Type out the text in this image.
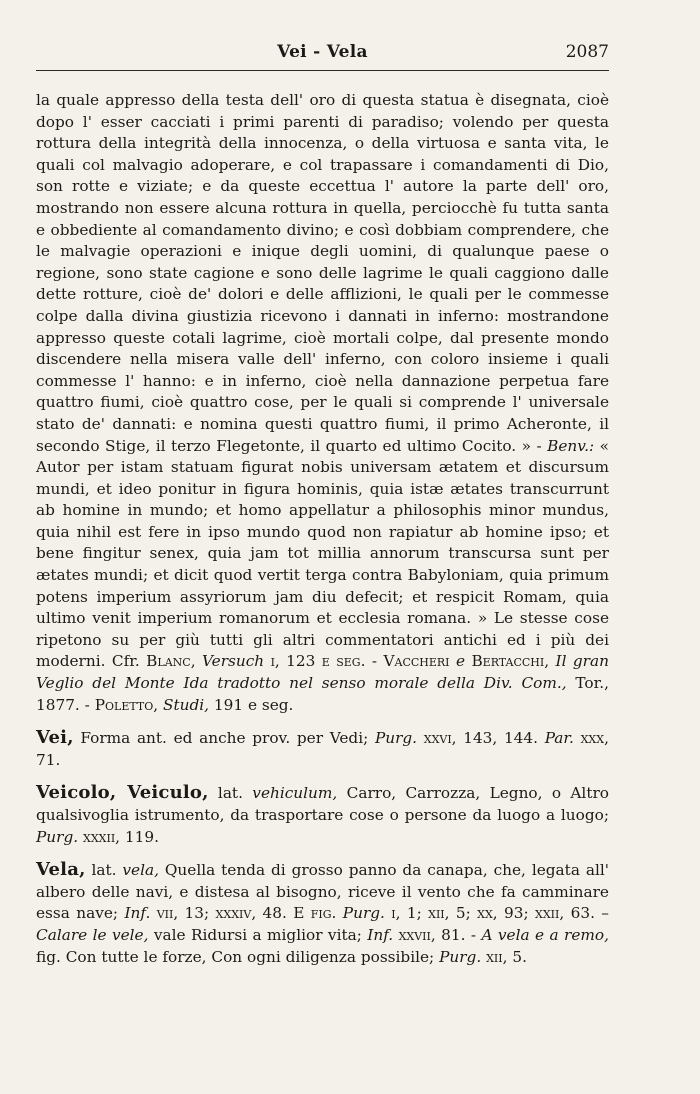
Vei - Vela	2087

la quale appresso della testa dell' oro di questa statua è disegnata, cioè dopo l' esser cacciati i primi parenti di paradiso; volendo per questa rottura della integrità della innocenza, o della virtuosa e santa vita, le quali col malvagio adoperare, e col trapassare i comandamenti di Dio, son rotte e viziate; e da queste eccettua l' autore la parte dell' oro, mostrando non essere alcuna rottura in quella, perciocchè fu tutta santa e obbediente al comandamento divino; e così dobbiam comprendere, che le malvagie operazioni e inique degli uomini, di qualunque paese o regione, sono state cagione e sono delle lagrime le quali caggiono dalle dette rotture, cioè de' dolori e delle afflizioni, le quali per le commesse colpe dalla divina giustizia ricevono i dannati in inferno: mostrandone appresso queste cotali lagrime, cioè mortali colpe, dal presente mondo discendere nella misera valle dell' inferno, con coloro insieme i quali commesse l' hanno: e in inferno, cioè nella dannazione perpetua fare quattro fiumi, cioè quattro cose, per le quali si comprende l' universale stato de' dannati: e nomina questi quattro fiumi, il primo Acheronte, il secondo Stige, il terzo Flegetonte, il quarto ed ultimo Cocito. » - Benv.: « Autor per istam statuam figurat nobis universam ætatem et discursum mundi, et ideo ponitur in figura hominis, quia istæ ætates transcurrunt ab homine in mundo; et homo appellatur a philosophis minor mundus, quia nihil est fere in ipso mundo quod non rapiatur ab homine ipso; et bene fingitur senex, quia jam tot millia annorum transcursa sunt per ætates mundi; et dicit quod vertit terga contra Babyloniam, quia primum potens imperium assyriorum jam diu defecit; et respicit Romam, quia ultimo venit imperium romanorum et ecclesia romana. » Le stesse cose ripetono su per giù tutti gli altri commentatori antichi ed i più dei moderni. Cfr. Blanc, Versuch i, 123 e seg. - Vaccheri e Bertacchi, Il gran Veglio del Monte Ida tradotto nel senso morale della Div. Com., Tor., 1877. - Poletto, Studi, 191 e seg.

Vei, Forma ant. ed anche prov. per Vedi; Purg. xxvi, 143, 144. Par. xxx, 71.

Veicolo, Veiculo, lat. vehiculum, Carro, Carrozza, Legno, o Altro qualsivoglia istrumento, da trasportare cose o persone da luogo a luogo; Purg. xxxii, 119.

Vela, lat. vela, Quella tenda di grosso panno da canapa, che, legata all' albero delle navi, e distesa al bisogno, riceve il vento che fa camminare essa nave; Inf. vii, 13; xxxiv, 48. E fig. Purg. i, 1; xii, 5; xx, 93; xxii, 63. – Calare le vele, vale Ridursi a miglior vita; Inf. xxvii, 81. - A vela e a remo, fig. Con tutte le forze, Con ogni diligenza possibile; Purg. xii, 5.
